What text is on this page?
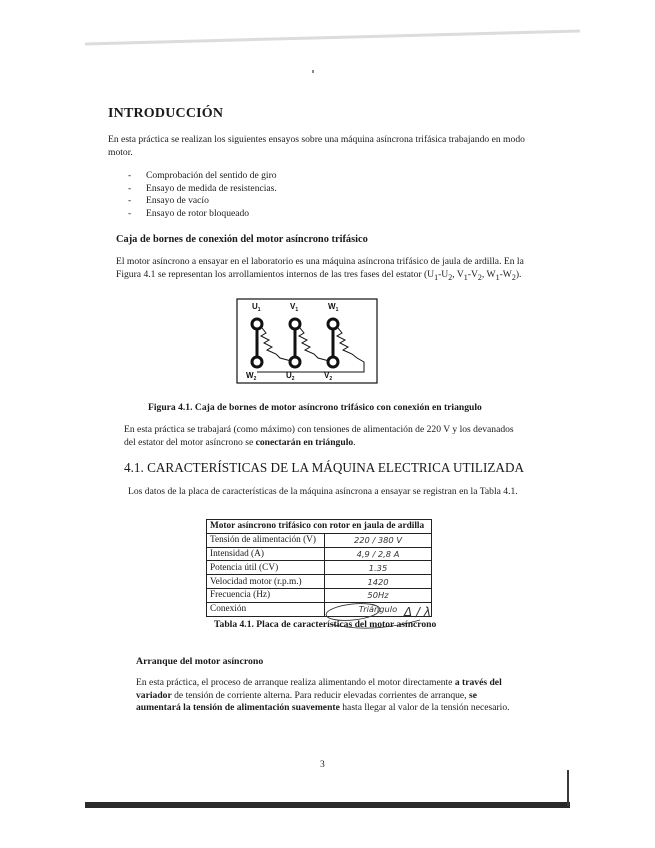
INTRODUCCIÓN

En esta práctica se realizan los siguientes ensayos sobre una máquina asíncrona trifásica trabajando en modo motor.

- Comprobación del sentido de giro
- Ensayo de medida de resistencias.
- Ensayo de vacío
- Ensayo de rotor bloqueado

Caja de bornes de conexión del motor asíncrono trifásico

El motor asíncrono a ensayar en el laboratorio es una máquina asíncrona trifásico de jaula de ardilla. En la Figura 4.1 se representan los arrollamientos internos de las tres fases del estator ($U_1-U_2$, $V_1-V_2$, $W_1-W_2$).

$U_1$	$V_1$	$W_1$
$W_2$	$U_2$	$V_2$

Figura 4.1. Caja de bornes de motor asíncrono trifásico con conexión en triangulo

En esta práctica se trabajará (como máximo) con tensiones de alimentación de 220 V y los devanados del estator del motor asíncrono se conectarán en triángulo.

4.1. CARACTERÍSTICAS DE LA MÁQUINA ELECTRICA UTILIZADA

Los datos de la placa de características de la máquina asíncrona a ensayar se registran en la Tabla 4.1.

Motor asíncrono trifásico con rotor en jaula de ardilla	
Tensión de alimentación (V)	220 / 380 V
Intensidad (A)	4,9 / 2,8 A
Potencia útil (CV)	1.35
Velocidad motor (r.p.m.)	1420
Frecuencia (Hz)	50Hz
Conexión	Triángulo Δ / λ

Tabla 4.1. Placa de características del motor asíncrono

Arranque del motor asíncrono

En esta práctica, el proceso de arranque realiza alimentando el motor directamente a través del variador de tensión de corriente alterna. Para reducir elevadas corrientes de arranque, se aumentará la tensión de alimentación suavemente hasta llegar al valor de la tensión necesario.

3
